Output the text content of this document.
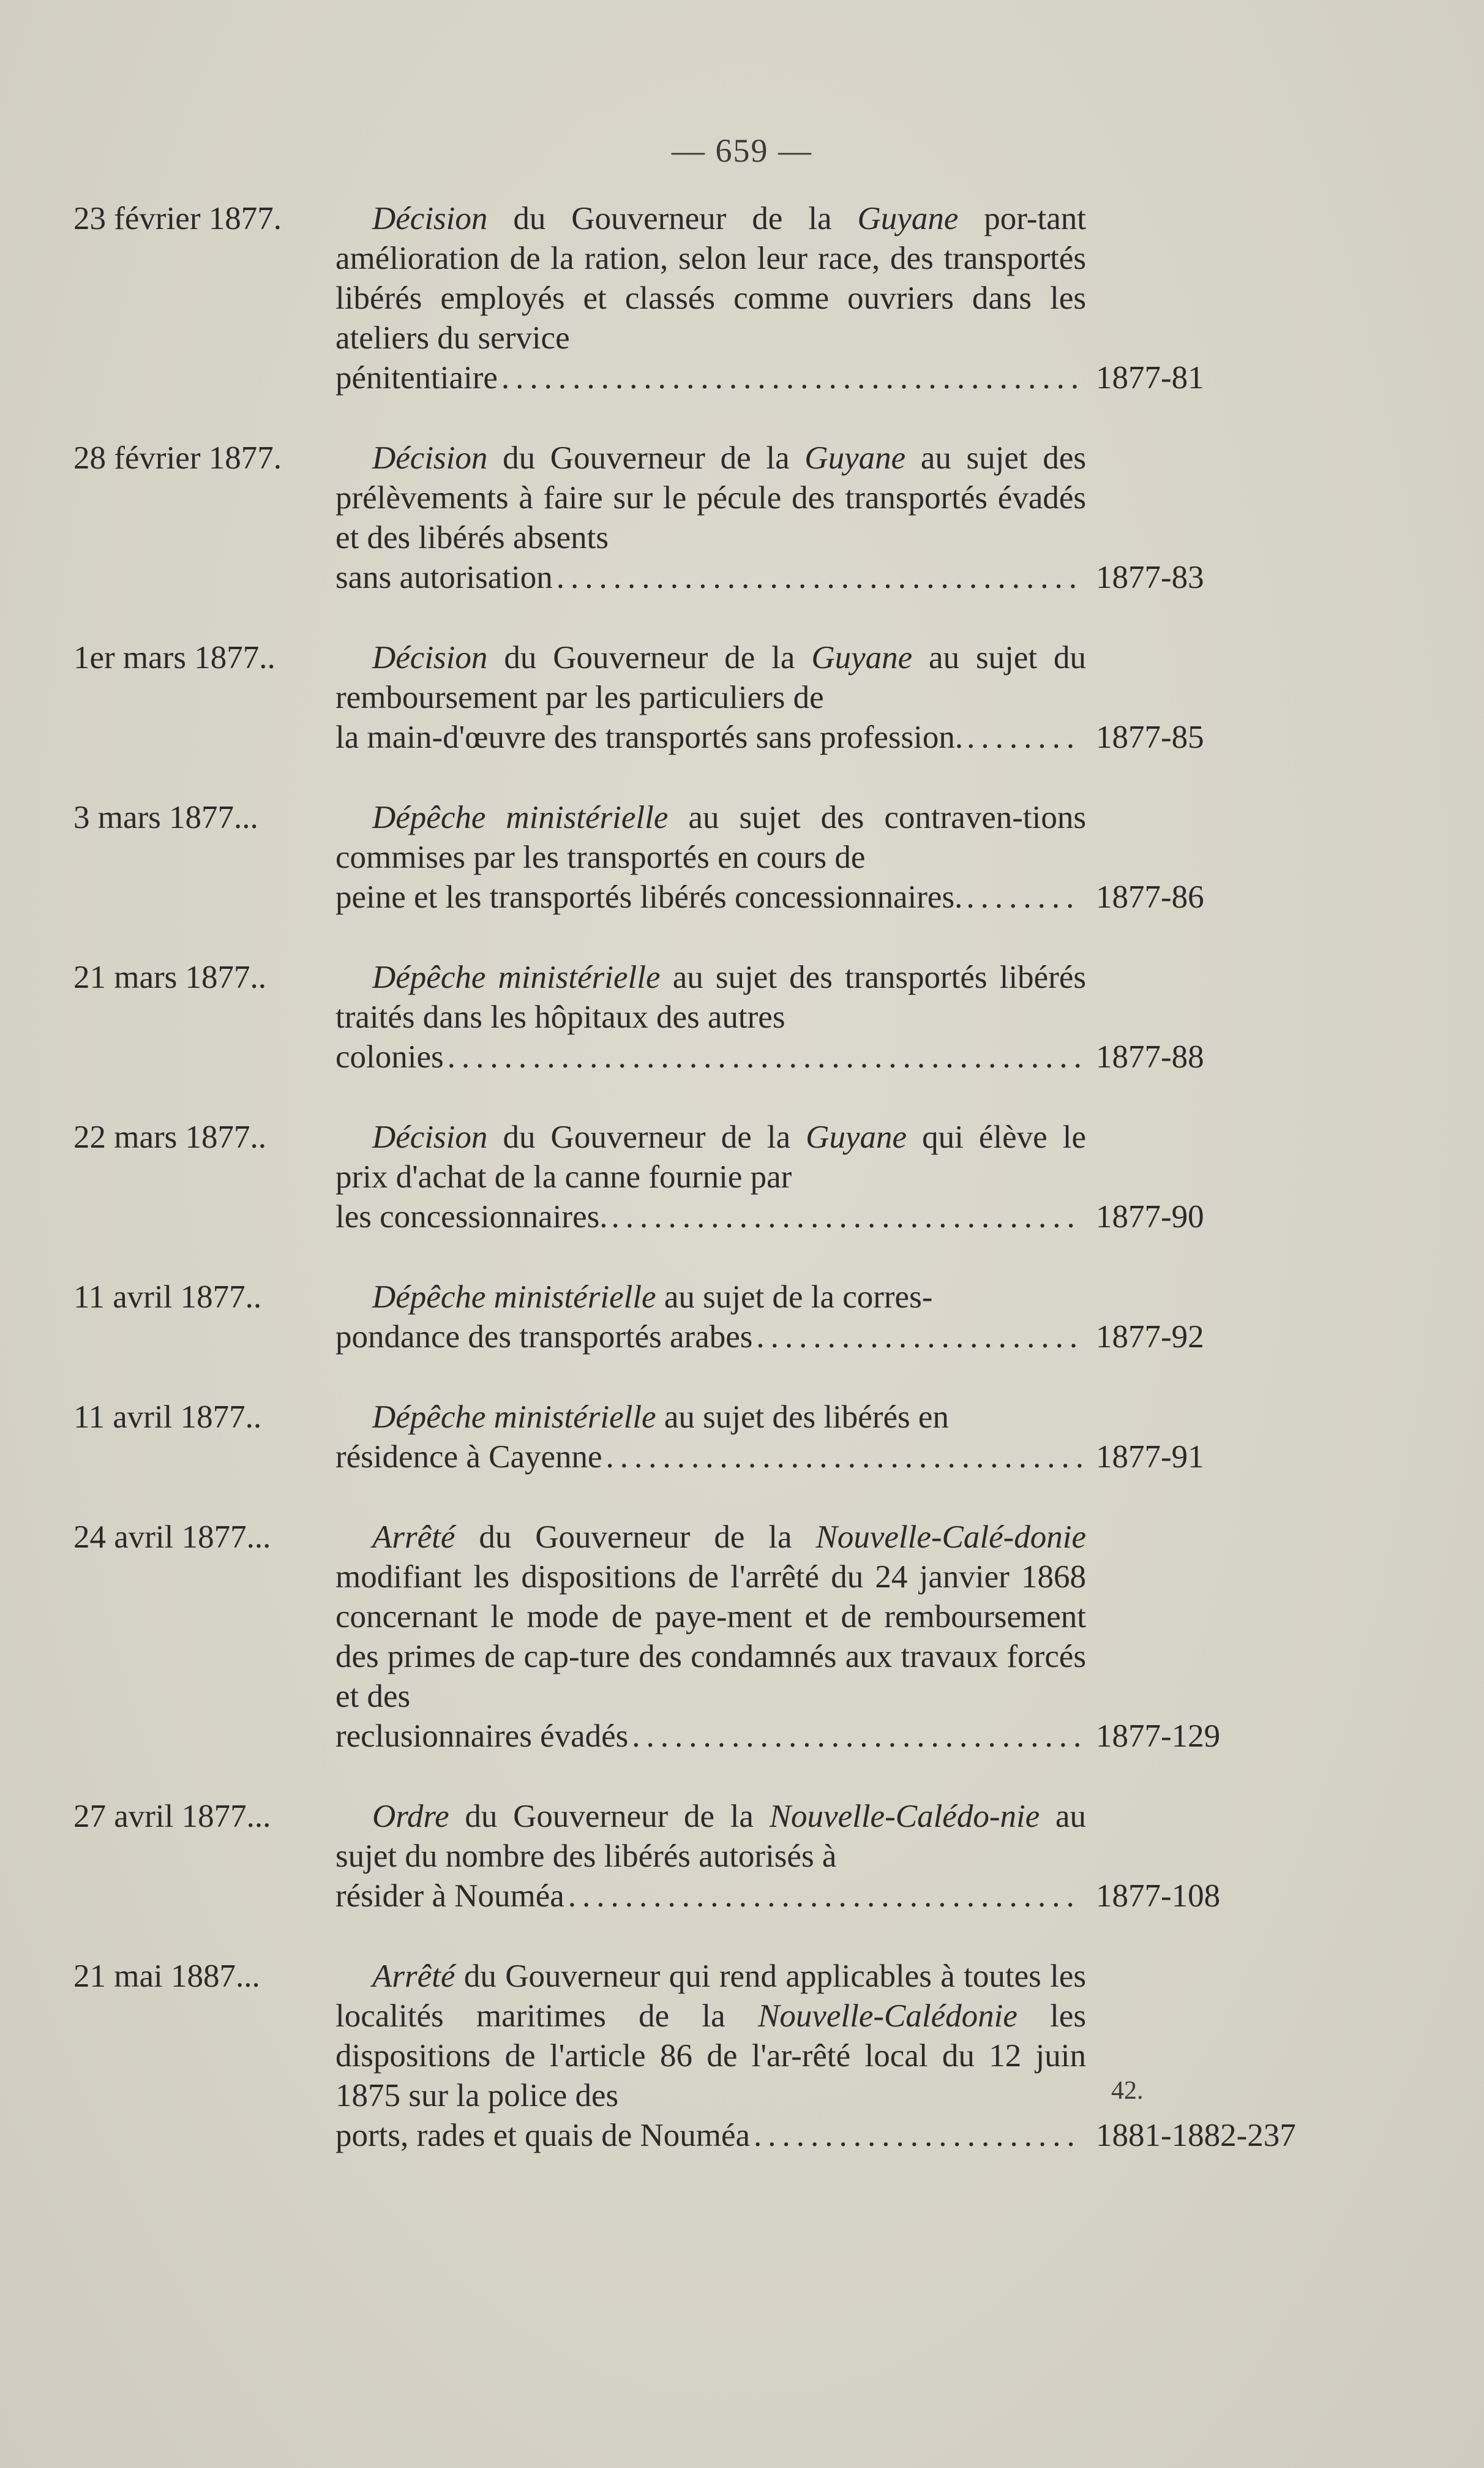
— 659 —
23 février 1877.	Décision du Gouverneur de la Guyane por-tant amélioration de la ration, selon leur race, des transportés libérés employés et classés comme ouvriers dans les ateliers du service
pénitentiaire .....	1877-81
28 février 1877.	Décision du Gouverneur de la Guyane au sujet des prélèvements à faire sur le pécule des transportés évadés et des libérés absents
sans autorisation .....	1877-83
1er mars 1877..	Décision du Gouverneur de la Guyane au sujet du remboursement par les particuliers de
la main-d'œuvre des transportés sans profession. .....	1877-85
3 mars 1877...	Dépêche ministérielle au sujet des contraven-tions commises par les transportés en cours de
peine et les transportés libérés concessionnaires. .....	1877-86
21 mars 1877..	Dépêche ministérielle au sujet des transportés libérés traités dans les hôpitaux des autres
colonies .....	1877-88
22 mars 1877..	Décision du Gouverneur de la Guyane qui élève le prix d'achat de la canne fournie par
les concessionnaires. .....	1877-90
11 avril 1877..	Dépêche ministérielle au sujet de la corres-
pondance des transportés arabes .....	1877-92
11 avril 1877..	Dépêche ministérielle au sujet des libérés en
résidence à Cayenne .....	1877-91
24 avril 1877...	Arrêté du Gouverneur de la Nouvelle-Calé-donie modifiant les dispositions de l'arrêté du 24 janvier 1868 concernant le mode de paye-ment et de remboursement des primes de cap-ture des condamnés aux travaux forcés et des
reclusionnaires évadés .....	1877-129
27 avril 1877...	Ordre du Gouverneur de la Nouvelle-Calédo-nie au sujet du nombre des libérés autorisés à
résider à Nouméa .....	1877-108
21 mai 1887...	Arrêté du Gouverneur qui rend applicables à toutes les localités maritimes de la Nouvelle-Calédonie les dispositions de l'article 86 de l'ar-rêté local du 12 juin 1875 sur la police des
ports, rades et quais de Nouméa .....	1881-1882-237
42.
